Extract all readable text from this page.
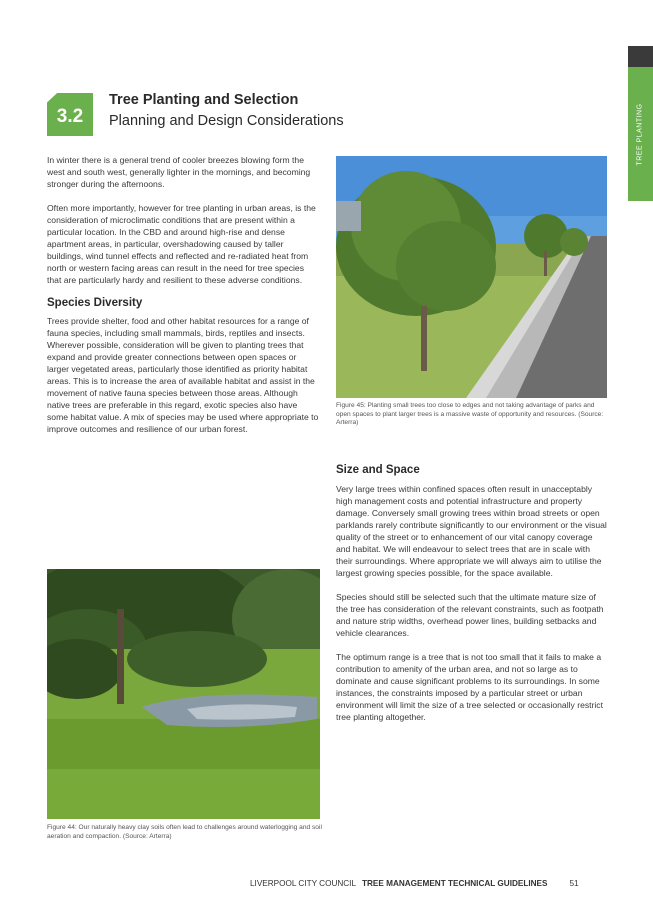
TREE PLANTING
3.2
Tree Planting and Selection
Planning and Design Considerations

In winter there is a general trend of cooler breezes blowing form the west and south west, generally lighter in the mornings, and becoming stronger during the afternoons.

Often more importantly, however for tree planting in urban areas, is the consideration of microclimatic conditions that are present within a particular location. In the CBD and around high-rise and dense apartment areas, in particular, overshadowing caused by taller buildings, wind tunnel effects and reflected and re-radiated heat from north or western facing areas can result in the need for tree species that are particularly hardy and resilient to these adverse conditions.

Species Diversity

Trees provide shelter, food and other habitat resources for a range of fauna species, including small mammals, birds, reptiles and insects. Wherever possible, consideration will be given to planting trees that expand and provide greater connections between open spaces or larger vegetated areas, particularly those identified as priority habitat areas. This is to increase the area of available habitat and assist in the movement of native fauna species between those areas. Although native trees are preferable in this regard, exotic species also have some habitat value. A mix of species may be used where appropriate to improve outcomes and resilience of our urban forest.

Figure 44: Our naturally heavy clay soils often lead to challenges around waterlogging and soil aeration and compaction. (Source: Arterra)

Figure 45: Planting small trees too close to edges and not taking advantage of parks and open spaces to plant larger trees is a massive waste of opportunity and resources. (Source: Arterra)

Size and Space

Very large trees within confined spaces often result in unacceptably high management costs and potential infrastructure and property damage. Conversely small growing trees within broad streets or open parklands rarely contribute significantly to our environment or the visual quality of the street or to enhancement of our vital canopy coverage and habitat. We will endeavour to select trees that are in scale with their surroundings. Where appropriate we will always aim to utilise the largest growing species possible, for the space available.

Species should still be selected such that the ultimate mature size of the tree has consideration of the relevant constraints, such as footpath and nature strip widths, overhead power lines, building setbacks and vehicle clearances.

The optimum range is a tree that is not too small that it fails to make a contribution to amenity of the urban area, and not so large as to dominate and cause significant problems to its surroundings. In some instances, the constraints imposed by a particular street or urban environment will limit the size of a tree selected or occasionally restrict tree planting altogether.

LIVERPOOL CITY COUNCIL TREE MANAGEMENT TECHNICAL GUIDELINES	51
